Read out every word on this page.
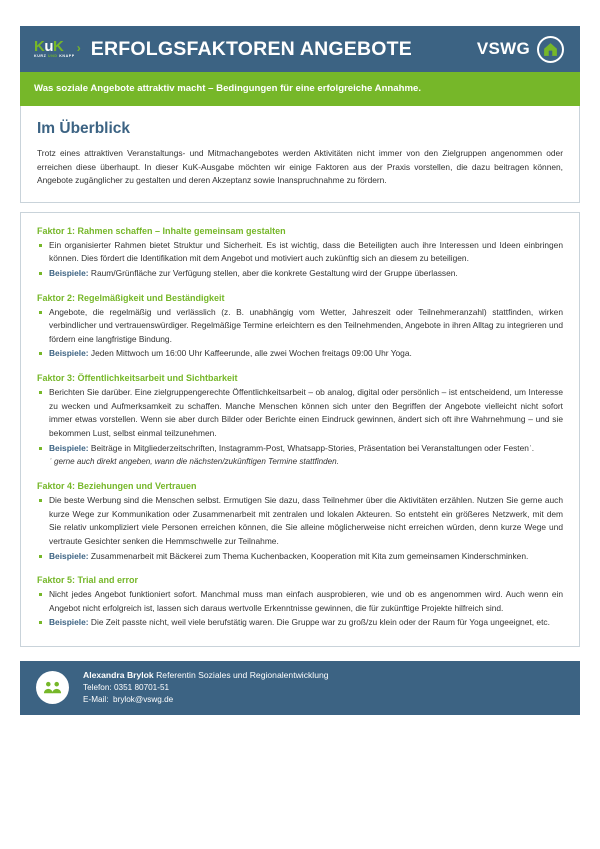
KuK
KURZ UND KNAPP
› ERFOLGSFAKTOREN ANGEBOTE	VSWG
Was soziale Angebote attraktiv macht – Bedingungen für eine erfolgreiche Annahme.
Im Überblick
Trotz eines attraktiven Veranstaltungs- und Mitmachangebotes werden Aktivitäten nicht immer von den Zielgruppen angenommen oder erreichen diese überhaupt. In dieser KuK-Ausgabe möchten wir einige Faktoren aus der Praxis vorstellen, die dazu beitragen können, Angebote zugänglicher zu gestalten und deren Akzeptanz sowie Inanspruchnahme zu fördern.
Faktor 1: Rahmen schaffen – Inhalte gemeinsam gestalten
Ein organisierter Rahmen bietet Struktur und Sicherheit. Es ist wichtig, dass die Beteiligten auch ihre Interessen und Ideen einbringen können. Dies fördert die Identifikation mit dem Angebot und motiviert auch zukünftig sich an diesem zu beteiligen.
Beispiele: Raum/Grünfläche zur Verfügung stellen, aber die konkrete Gestaltung wird der Gruppe überlassen.
Faktor 2: Regelmäßigkeit und Beständigkeit
Angebote, die regelmäßig und verlässlich (z. B. unabhängig vom Wetter, Jahreszeit oder Teilnehmeranzahl) stattfinden, wirken verbindlicher und vertrauenswürdiger. Regelmäßige Termine erleichtern es den Teilnehmenden, Angebote in ihren Alltag zu integrieren und fördern eine langfristige Bindung.
Beispiele: Jeden Mittwoch um 16:00 Uhr Kaffeerunde, alle zwei Wochen freitags 09:00 Uhr Yoga.
Faktor 3: Öffentlichkeitsarbeit und Sichtbarkeit
Berichten Sie darüber. Eine zielgruppengerechte Öffentlichkeitsarbeit – ob analog, digital oder persönlich – ist entscheidend, um Interesse zu wecken und Aufmerksamkeit zu schaffen. Manche Menschen können sich unter den Begriffen der Angebote vielleicht nicht sofort immer etwas vorstellen. Wenn sie aber durch Bilder oder Berichte einen Eindruck gewinnen, ändert sich oft ihre Wahrnehmung – und sie bekommen Lust, selbst einmal teilzunehmen.
Beispiele: Beiträge in Mitgliederzeitschriften, Instagramm-Post, Whatsapp-Stories, Präsentation bei Veranstaltungen oder Festenˈ.
ˈ gerne auch direkt angeben, wann die nächsten/zukünftigen Termine stattfinden.
Faktor 4: Beziehungen und Vertrauen
Die beste Werbung sind die Menschen selbst. Ermutigen Sie dazu, dass Teilnehmer über die Aktivitäten erzählen. Nutzen Sie gerne auch kurze Wege zur Kommunikation oder Zusammenarbeit mit zentralen und lokalen Akteuren. So entsteht ein größeres Netzwerk, mit dem Sie relativ unkompliziert viele Personen erreichen können, die Sie alleine möglicherweise nicht erreichen würden, denn kurze Wege und vertraute Gesichter senken die Hemmschwelle zur Teilnahme.
Beispiele: Zusammenarbeit mit Bäckerei zum Thema Kuchenbacken, Kooperation mit Kita zum gemeinsamen Kinderschminken.
Faktor 5: Trial and error
Nicht jedes Angebot funktioniert sofort. Manchmal muss man einfach ausprobieren, wie und ob es angenommen wird. Auch wenn ein Angebot nicht erfolgreich ist, lassen sich daraus wertvolle Erkenntnisse gewinnen, die für zukünftige Projekte hilfreich sind.
Beispiele: Die Zeit passte nicht, weil viele berufstätig waren. Die Gruppe war zu groß/zu klein oder der Raum für Yoga ungeeignet, etc.
Alexandra Brylok Referentin Soziales und Regionalentwicklung
Telefon: 0351 80701-51
E-Mail: brylok@vswg.de
